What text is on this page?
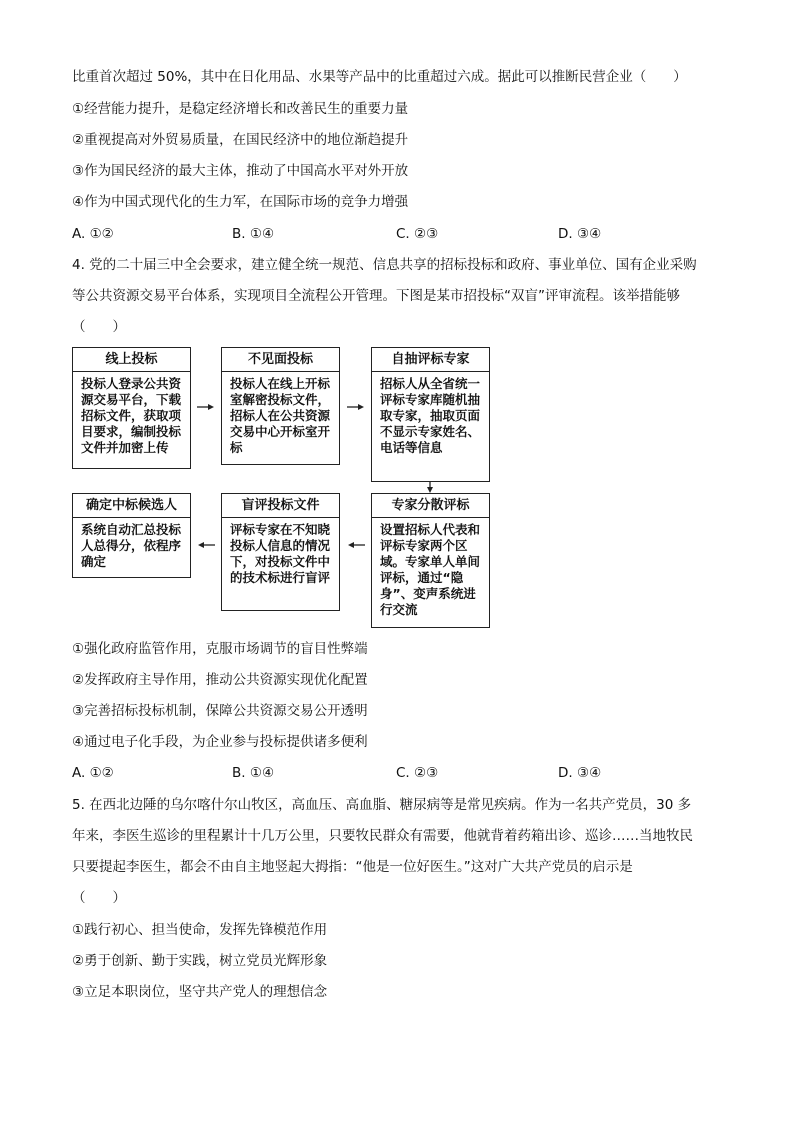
比重首次超过 50%，其中在日化用品、水果等产品中的比重超过六成。据此可以推断民营企业（　　）
①经营能力提升，是稳定经济增长和改善民生的重要力量
②重视提高对外贸易质量，在国民经济中的地位渐趋提升
③作为国民经济的最大主体，推动了中国高水平对外开放
④作为中国式现代化的生力军，在国际市场的竞争力增强
A. ①②	B. ①④	C. ②③	D. ③④
4. 党的二十届三中全会要求，建立健全统一规范、信息共享的招标投标和政府、事业单位、国有企业采购
等公共资源交易平台体系，实现项目全流程公开管理。下图是某市招投标“双盲”评审流程。该举措能够
（　　）
线上投标
投标人登录公共资源交易平台，下载招标文件，获取项目要求，编制投标文件并加密上传
不见面投标
投标人在线上开标室解密投标文件，招标人在公共资源交易中心开标室开标
自抽评标专家
招标人从全省统一评标专家库随机抽取专家，抽取页面不显示专家姓名、电话等信息
确定中标候选人
系统自动汇总投标人总得分，依程序确定
盲评投标文件
评标专家在不知晓投标人信息的情况下，对投标文件中的技术标进行盲评
专家分散评标
设置招标人代表和评标专家两个区域。专家单人单间评标，通过“隐身”、变声系统进行交流
①强化政府监管作用，克服市场调节的盲目性弊端
②发挥政府主导作用，推动公共资源实现优化配置
③完善招标投标机制，保障公共资源交易公开透明
④通过电子化手段，为企业参与投标提供诸多便利
A. ①②	B. ①④	C. ②③	D. ③④
5. 在西北边陲的乌尔喀什尔山牧区，高血压、高血脂、糖尿病等是常见疾病。作为一名共产党员，30 多
年来，李医生巡诊的里程累计十几万公里，只要牧民群众有需要，他就背着药箱出诊、巡诊……当地牧民
只要提起李医生，都会不由自主地竖起大拇指：“他是一位好医生。”这对广大共产党员的启示是
（　　）
①践行初心、担当使命，发挥先锋模范作用
②勇于创新、勤于实践，树立党员光辉形象
③立足本职岗位，坚守共产党人的理想信念
